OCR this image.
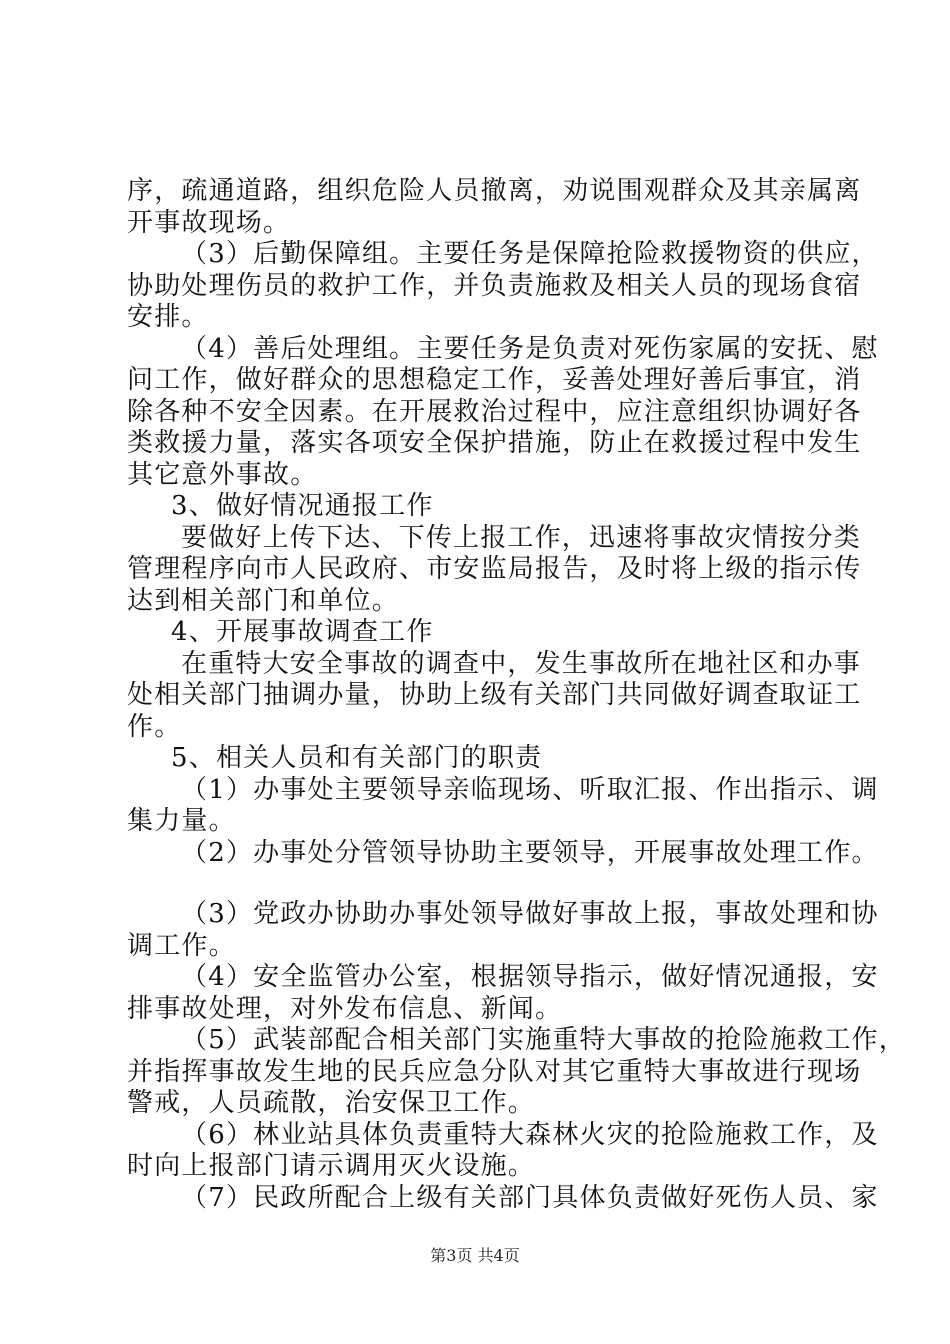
序，疏通道路，组织危险人员撤离，劝说围观群众及其亲属离

开事故现场。

（3）后勤保障组。主要任务是保障抢险救援物资的供应，

协助处理伤员的救护工作，并负责施救及相关人员的现场食宿

安排。

（4）善后处理组。主要任务是负责对死伤家属的安抚、慰

问工作，做好群众的思想稳定工作，妥善处理好善后事宜，消

除各种不安全因素。在开展救治过程中，应注意组织协调好各

类救援力量，落实各项安全保护措施，防止在救援过程中发生

其它意外事故。

3、做好情况通报工作

要做好上传下达、下传上报工作，迅速将事故灾情按分类

管理程序向市人民政府、市安监局报告，及时将上级的指示传

达到相关部门和单位。

4、开展事故调查工作

在重特大安全事故的调查中，发生事故所在地社区和办事

处相关部门抽调办量，协助上级有关部门共同做好调查取证工

作。

5、相关人员和有关部门的职责

（1）办事处主要领导亲临现场、听取汇报、作出指示、调

集力量。

（2）办事处分管领导协助主要领导，开展事故处理工作。

（3）党政办协助办事处领导做好事故上报，事故处理和协

调工作。

（4）安全监管办公室，根据领导指示，做好情况通报，安

排事故处理，对外发布信息、新闻。

（5）武装部配合相关部门实施重特大事故的抢险施救工作，

并指挥事故发生地的民兵应急分队对其它重特大事故进行现场

警戒，人员疏散，治安保卫工作。

（6）林业站具体负责重特大森林火灾的抢险施救工作，及

时向上报部门请示调用灭火设施。

（7）民政所配合上级有关部门具体负责做好死伤人员、家

第3页 共4页
